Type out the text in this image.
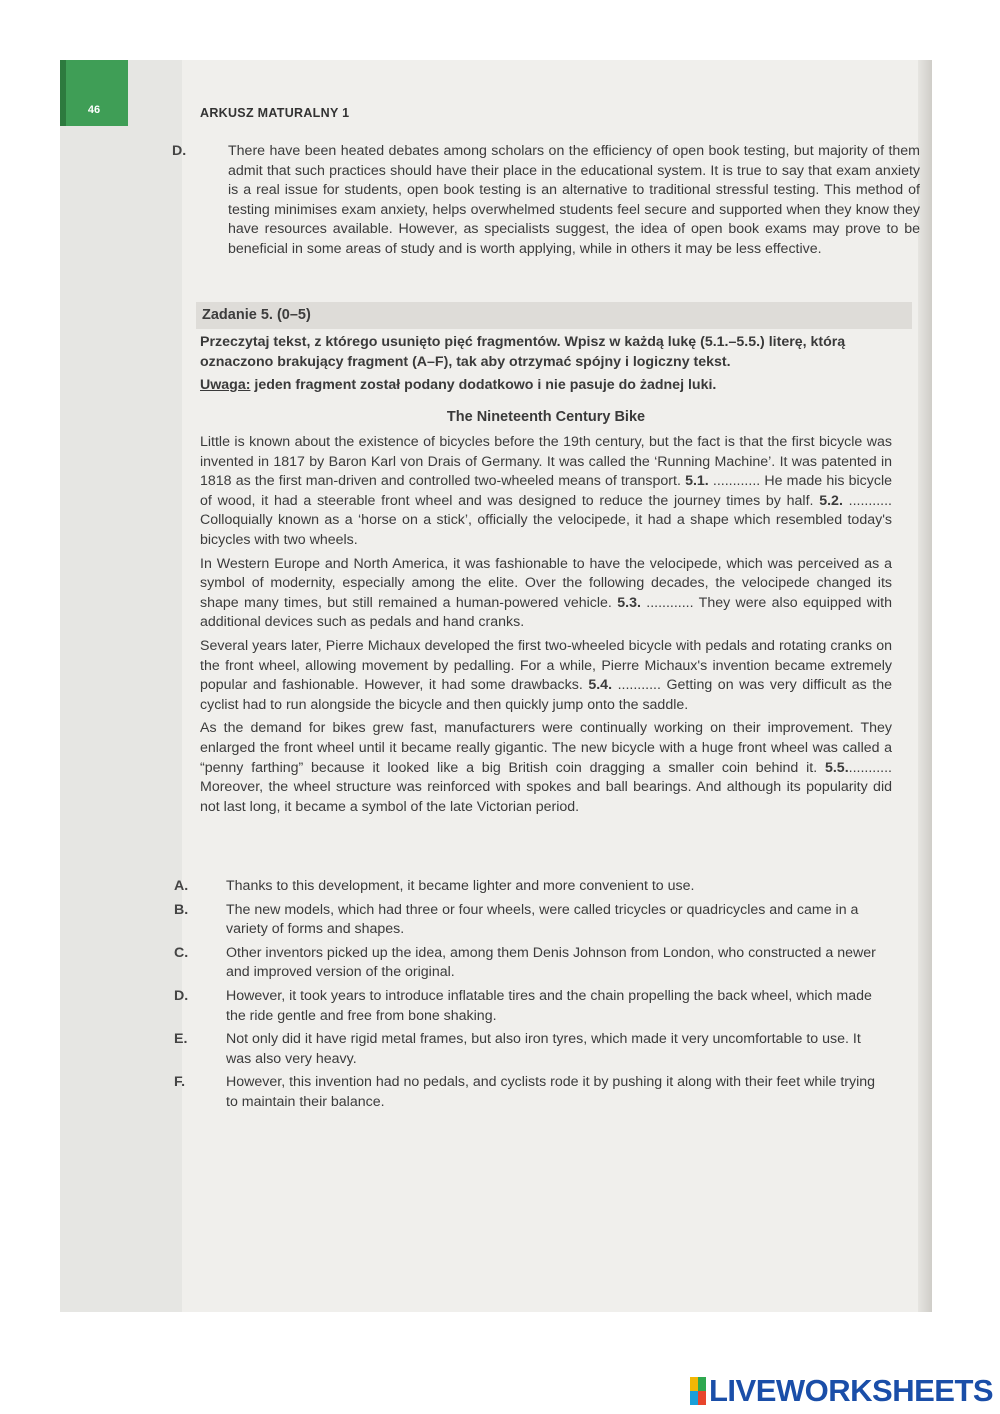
46	ARKUSZ MATURALNY 1
D.	There have been heated debates among scholars on the efficiency of open book testing, but majority of them admit that such practices should have their place in the educational system. It is true to say that exam anxiety is a real issue for students, open book testing is an alternative to traditional stressful testing. This method of testing minimises exam anxiety, helps overwhelmed students feel secure and supported when they know they have resources available. However, as specialists suggest, the idea of open book exams may prove to be beneficial in some areas of study and is worth applying, while in others it may be less effective.
Zadanie 5. (0–5)
Przeczytaj tekst, z którego usunięto pięć fragmentów. Wpisz w każdą lukę (5.1.–5.5.) literę, którą oznaczono brakujący fragment (A–F), tak aby otrzymać spójny i logiczny tekst.
Uwaga: jeden fragment został podany dodatkowo i nie pasuje do żadnej luki.
The Nineteenth Century Bike

Little is known about the existence of bicycles before the 19th century, but the fact is that the first bicycle was invented in 1817 by Baron Karl von Drais of Germany. It was called the ‘Running Machine’. It was patented in 1818 as the first man-driven and controlled two-wheeled means of transport. 5.1. ............ He made his bicycle of wood, it had a steerable front wheel and was designed to reduce the journey times by half. 5.2. ........... Colloquially known as a ‘horse on a stick’, officially the velocipede, it had a shape which resembled today's bicycles with two wheels.

In Western Europe and North America, it was fashionable to have the velocipede, which was perceived as a symbol of modernity, especially among the elite. Over the following decades, the velocipede changed its shape many times, but still remained a human-powered vehicle. 5.3. ............ They were also equipped with additional devices such as pedals and hand cranks.

Several years later, Pierre Michaux developed the first two-wheeled bicycle with pedals and rotating cranks on the front wheel, allowing movement by pedalling. For a while, Pierre Michaux's invention became extremely popular and fashionable. However, it had some drawbacks. 5.4. ........... Getting on was very difficult as the cyclist had to run alongside the bicycle and then quickly jump onto the saddle.

As the demand for bikes grew fast, manufacturers were continually working on their improvement. They enlarged the front wheel until it became really gigantic. The new bicycle with a huge front wheel was called a “penny farthing” because it looked like a big British coin dragging a smaller coin behind it. 5.5............ Moreover, the wheel structure was reinforced with spokes and ball bearings. And although its popularity did not last long, it became a symbol of the late Victorian period.

A.	Thanks to this development, it became lighter and more convenient to use.
B.	The new models, which had three or four wheels, were called tricycles or quadricycles and came in a variety of forms and shapes.
C.	Other inventors picked up the idea, among them Denis Johnson from London, who constructed a newer and improved version of the original.
D.	However, it took years to introduce inflatable tires and the chain propelling the back wheel, which made the ride gentle and free from bone shaking.
E.	Not only did it have rigid metal frames, but also iron tyres, which made it very uncomfortable to use. It was also very heavy.
F.	However, this invention had no pedals, and cyclists rode it by pushing it along with their feet while trying to maintain their balance.
LIVEWORKSHEETS
